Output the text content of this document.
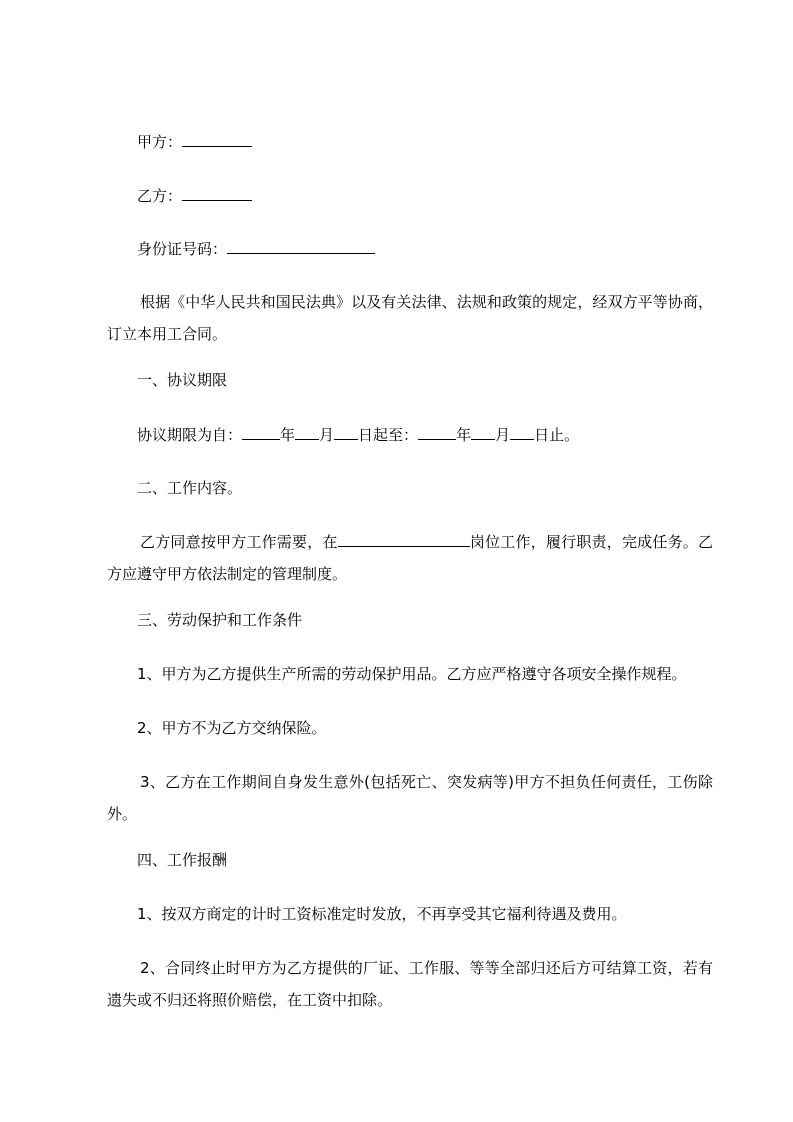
甲方：
乙方：
身份证号码：
根据《中华人民共和国民法典》以及有关法律、法规和政策的规定，经双方平等协商，订立本用工合同。
一、协议期限
协议期限为自：	年 月 日起至：	年 月 日止。
二、工作内容。
乙方同意按甲方工作需要，在	岗位工作，履行职责，完成任务。乙方应遵守甲方依法制定的管理制度。
三、劳动保护和工作条件
1、甲方为乙方提供生产所需的劳动保护用品。乙方应严格遵守各项安全操作规程。
2、甲方不为乙方交纳保险。
3、乙方在工作期间自身发生意外(包括死亡、突发病等)甲方不担负任何责任，工伤除外。
四、工作报酬
1、按双方商定的计时工资标准定时发放，不再享受其它福利待遇及费用。
2、合同终止时甲方为乙方提供的厂证、工作服、等等全部归还后方可结算工资，若有遗失或不归还将照价赔偿，在工资中扣除。
